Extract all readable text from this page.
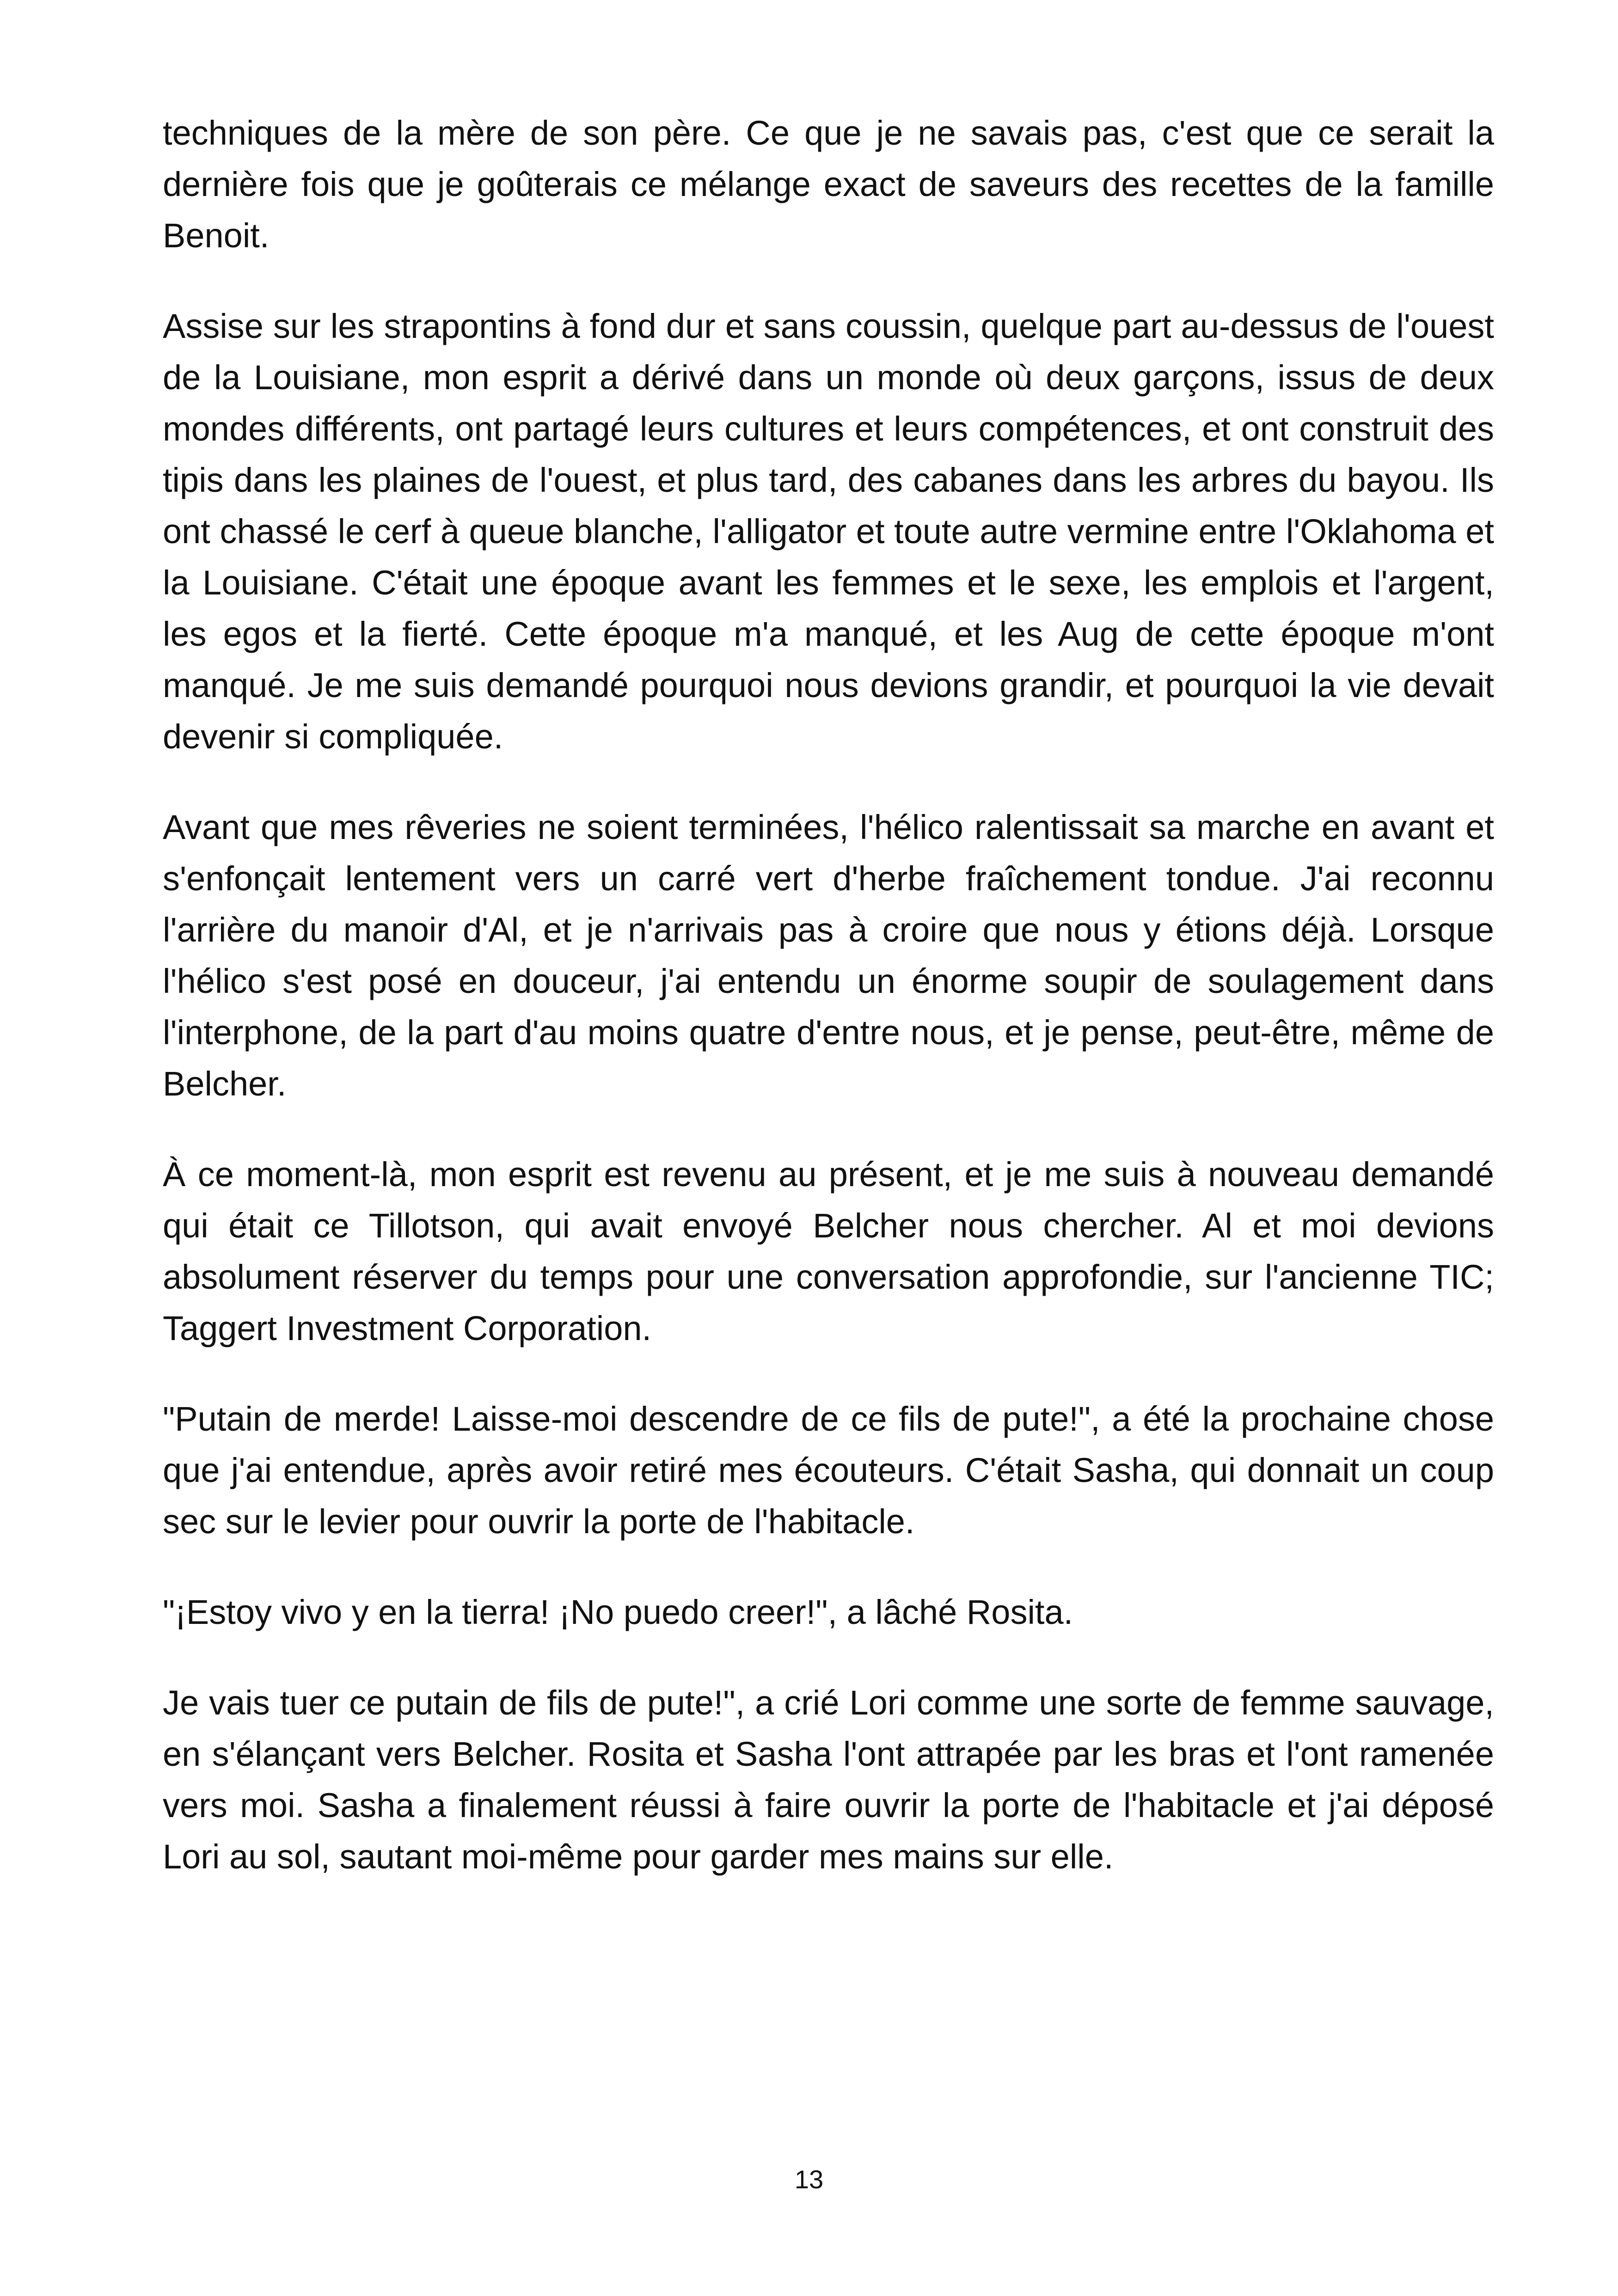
techniques de la mère de son père. Ce que je ne savais pas, c'est que ce serait la dernière fois que je goûterais ce mélange exact de saveurs des recettes de la famille Benoit.

Assise sur les strapontins à fond dur et sans coussin, quelque part au-dessus de l'ouest de la Louisiane, mon esprit a dérivé dans un monde où deux garçons, issus de deux mondes différents, ont partagé leurs cultures et leurs compétences, et ont construit des tipis dans les plaines de l'ouest, et plus tard, des cabanes dans les arbres du bayou. Ils ont chassé le cerf à queue blanche, l'alligator et toute autre vermine entre l'Oklahoma et la Louisiane. C'était une époque avant les femmes et le sexe, les emplois et l'argent, les egos et la fierté. Cette époque m'a manqué, et les Aug de cette époque m'ont manqué. Je me suis demandé pourquoi nous devions grandir, et pourquoi la vie devait devenir si compliquée.

Avant que mes rêveries ne soient terminées, l'hélico ralentissait sa marche en avant et s'enfonçait lentement vers un carré vert d'herbe fraîchement tondue. J'ai reconnu l'arrière du manoir d'Al, et je n'arrivais pas à croire que nous y étions déjà. Lorsque l'hélico s'est posé en douceur, j'ai entendu un énorme soupir de soulagement dans l'interphone, de la part d'au moins quatre d'entre nous, et je pense, peut-être, même de Belcher.

À ce moment-là, mon esprit est revenu au présent, et je me suis à nouveau demandé qui était ce Tillotson, qui avait envoyé Belcher nous chercher. Al et moi devions absolument réserver du temps pour une conversation approfondie, sur l'ancienne TIC; Taggert Investment Corporation.

"Putain de merde! Laisse-moi descendre de ce fils de pute!", a été la prochaine chose que j'ai entendue, après avoir retiré mes écouteurs. C'était Sasha, qui donnait un coup sec sur le levier pour ouvrir la porte de l'habitacle.

"¡Estoy vivo y en la tierra! ¡No puedo creer!", a lâché Rosita.

Je vais tuer ce putain de fils de pute!", a crié Lori comme une sorte de femme sauvage, en s'élançant vers Belcher. Rosita et Sasha l'ont attrapée par les bras et l'ont ramenée vers moi. Sasha a finalement réussi à faire ouvrir la porte de l'habitacle et j'ai déposé Lori au sol, sautant moi-même pour garder mes mains sur elle.

13
